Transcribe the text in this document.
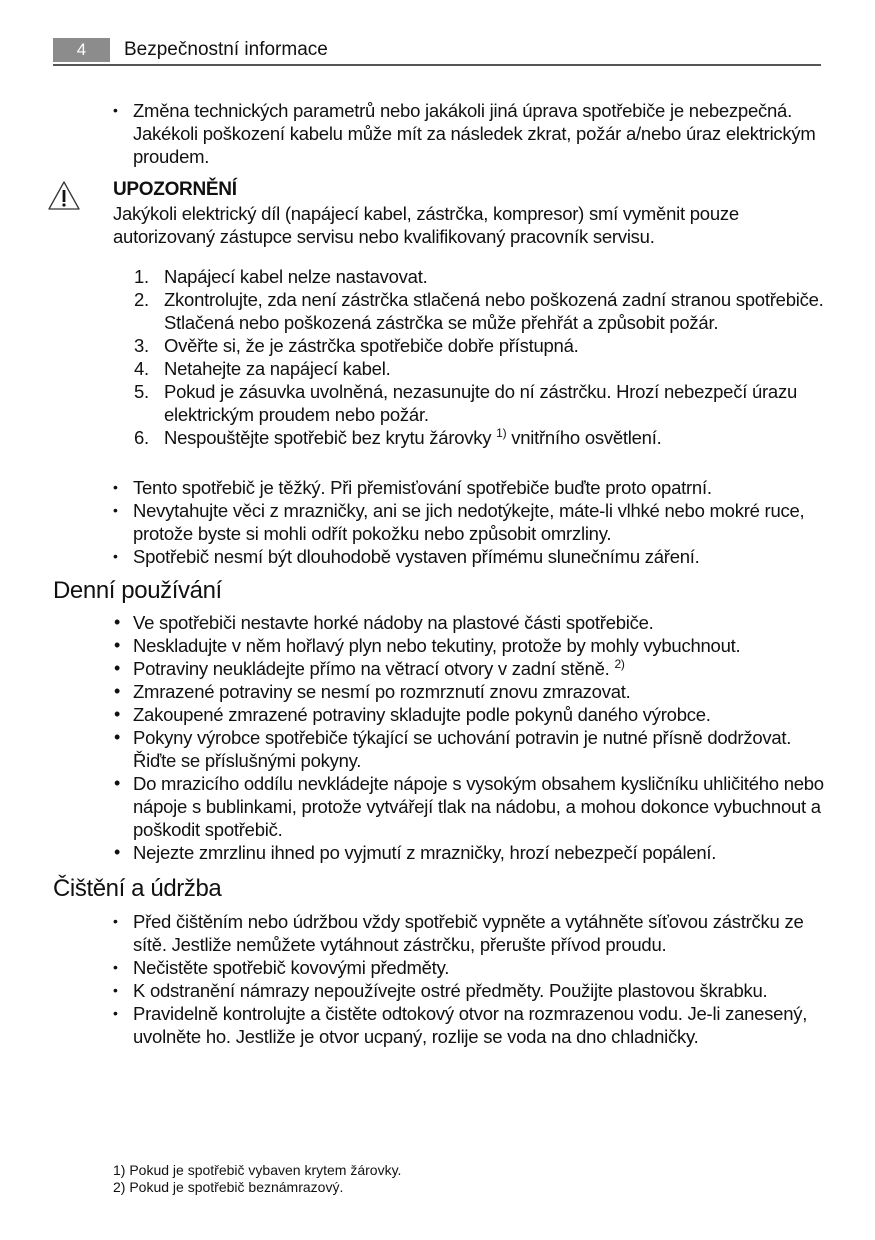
4	Bezpečnostní informace
• Změna technických parametrů nebo jakákoli jiná úprava spotřebiče je nebezpečná. Jakékoli poškození kabelu může mít za následek zkrat, požár a/nebo úraz elektrickým proudem.
UPOZORNĚNÍ
Jakýkoli elektrický díl (napájecí kabel, zástrčka, kompresor) smí vyměnit pouze autorizovaný zástupce servisu nebo kvalifikovaný pracovník servisu.
1. Napájecí kabel nelze nastavovat.
2. Zkontrolujte, zda není zástrčka stlačená nebo poškozená zadní stranou spotřebiče. Stlačená nebo poškozená zástrčka se může přehřát a způsobit požár.
3. Ověřte si, že je zástrčka spotřebiče dobře přístupná.
4. Netahejte za napájecí kabel.
5. Pokud je zásuvka uvolněná, nezasunujte do ní zástrčku. Hrozí nebezpečí úrazu elektrickým proudem nebo požár.
6. Nespouštějte spotřebič bez krytu žárovky $^{1)}$ vnitřního osvětlení.
• Tento spotřebič je těžký. Při přemisťování spotřebiče buďte proto opatrní.
• Nevytahujte věci z mrazničky, ani se jich nedotýkejte, máte-li vlhké nebo mokré ruce, protože byste si mohli odřít pokožku nebo způsobit omrzliny.
• Spotřebič nesmí být dlouhodobě vystaven přímému slunečnímu záření.
Denní používání
• Ve spotřebiči nestavte horké nádoby na plastové části spotřebiče.
• Neskladujte v něm hořlavý plyn nebo tekutiny, protože by mohly vybuchnout.
• Potraviny neukládejte přímo na větrací otvory v zadní stěně. $^{2)}$
• Zmrazené potraviny se nesmí po rozmrznutí znovu zmrazovat.
• Zakoupené zmrazené potraviny skladujte podle pokynů daného výrobce.
• Pokyny výrobce spotřebiče týkající se uchování potravin je nutné přísně dodržovat. Řiďte se příslušnými pokyny.
• Do mrazicího oddílu nevkládejte nápoje s vysokým obsahem kysličníku uhličitého nebo nápoje s bublinkami, protože vytvářejí tlak na nádobu, a mohou dokonce vybuchnout a poškodit spotřebič.
• Nejezte zmrzlinu ihned po vyjmutí z mrazničky, hrozí nebezpečí popálení.
Čištění a údržba
• Před čištěním nebo údržbou vždy spotřebič vypněte a vytáhněte síťovou zástrčku ze sítě. Jestliže nemůžete vytáhnout zástrčku, přerušte přívod proudu.
• Nečistěte spotřebič kovovými předměty.
• K odstranění námrazy nepoužívejte ostré předměty. Použijte plastovou škrabku.
• Pravidelně kontrolujte a čistěte odtokový otvor na rozmrazenou vodu. Je-li zanesený, uvolněte ho. Jestliže je otvor ucpaný, rozlije se voda na dno chladničky.
1) Pokud je spotřebič vybaven krytem žárovky.
2) Pokud je spotřebič beznámrazový.
